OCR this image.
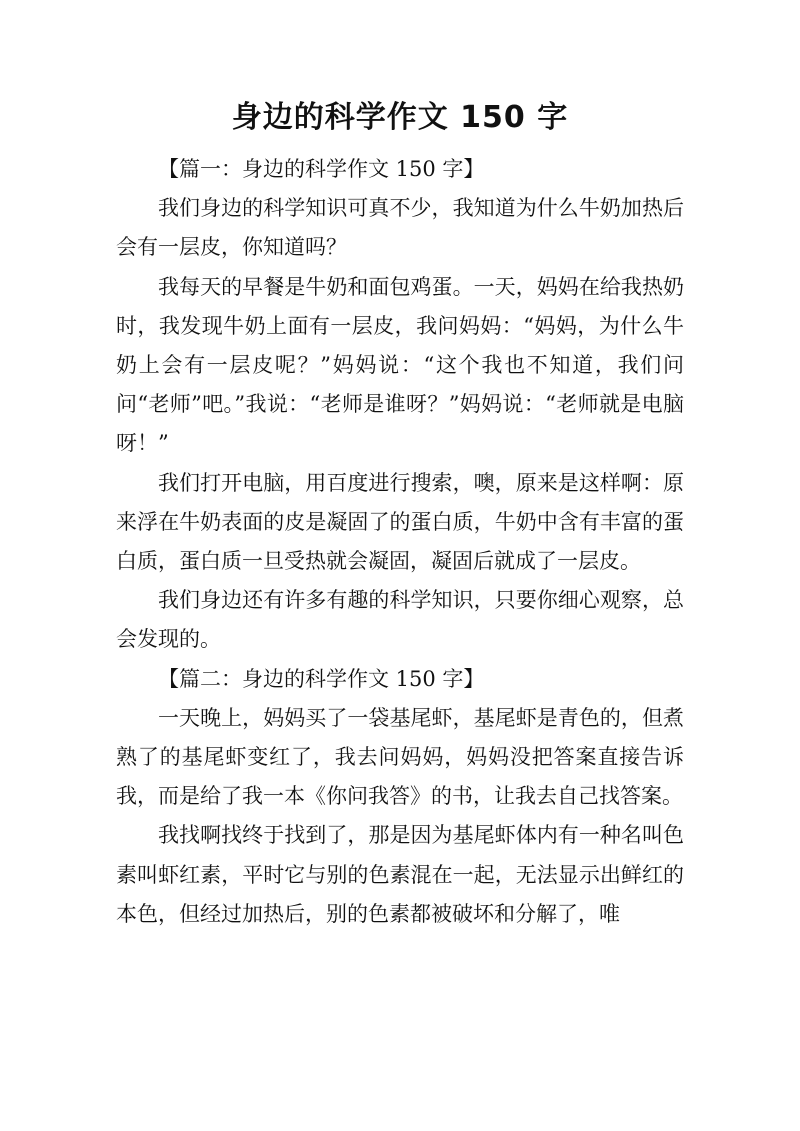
身边的科学作文 150 字

【篇一：身边的科学作文 150 字】

我们身边的科学知识可真不少，我知道为什么牛奶加热后会有一层皮，你知道吗？

我每天的早餐是牛奶和面包鸡蛋。一天，妈妈在给我热奶时，我发现牛奶上面有一层皮，我问妈妈：“妈妈，为什么牛奶上会有一层皮呢？”妈妈说：“这个我也不知道，我们问问“老师”吧。”我说：“老师是谁呀？”妈妈说：“老师就是电脑呀！”

我们打开电脑，用百度进行搜索，噢，原来是这样啊：原来浮在牛奶表面的皮是凝固了的蛋白质，牛奶中含有丰富的蛋白质，蛋白质一旦受热就会凝固，凝固后就成了一层皮。

我们身边还有许多有趣的科学知识，只要你细心观察，总会发现的。

【篇二：身边的科学作文 150 字】

一天晚上，妈妈买了一袋基尾虾，基尾虾是青色的，但煮熟了的基尾虾变红了，我去问妈妈，妈妈没把答案直接告诉我，而是给了我一本《你问我答》的书，让我去自己找答案。

我找啊找终于找到了，那是因为基尾虾体内有一种名叫色素叫虾红素，平时它与别的色素混在一起，无法显示出鲜红的本色，但经过加热后，别的色素都被破坏和分解了，唯
